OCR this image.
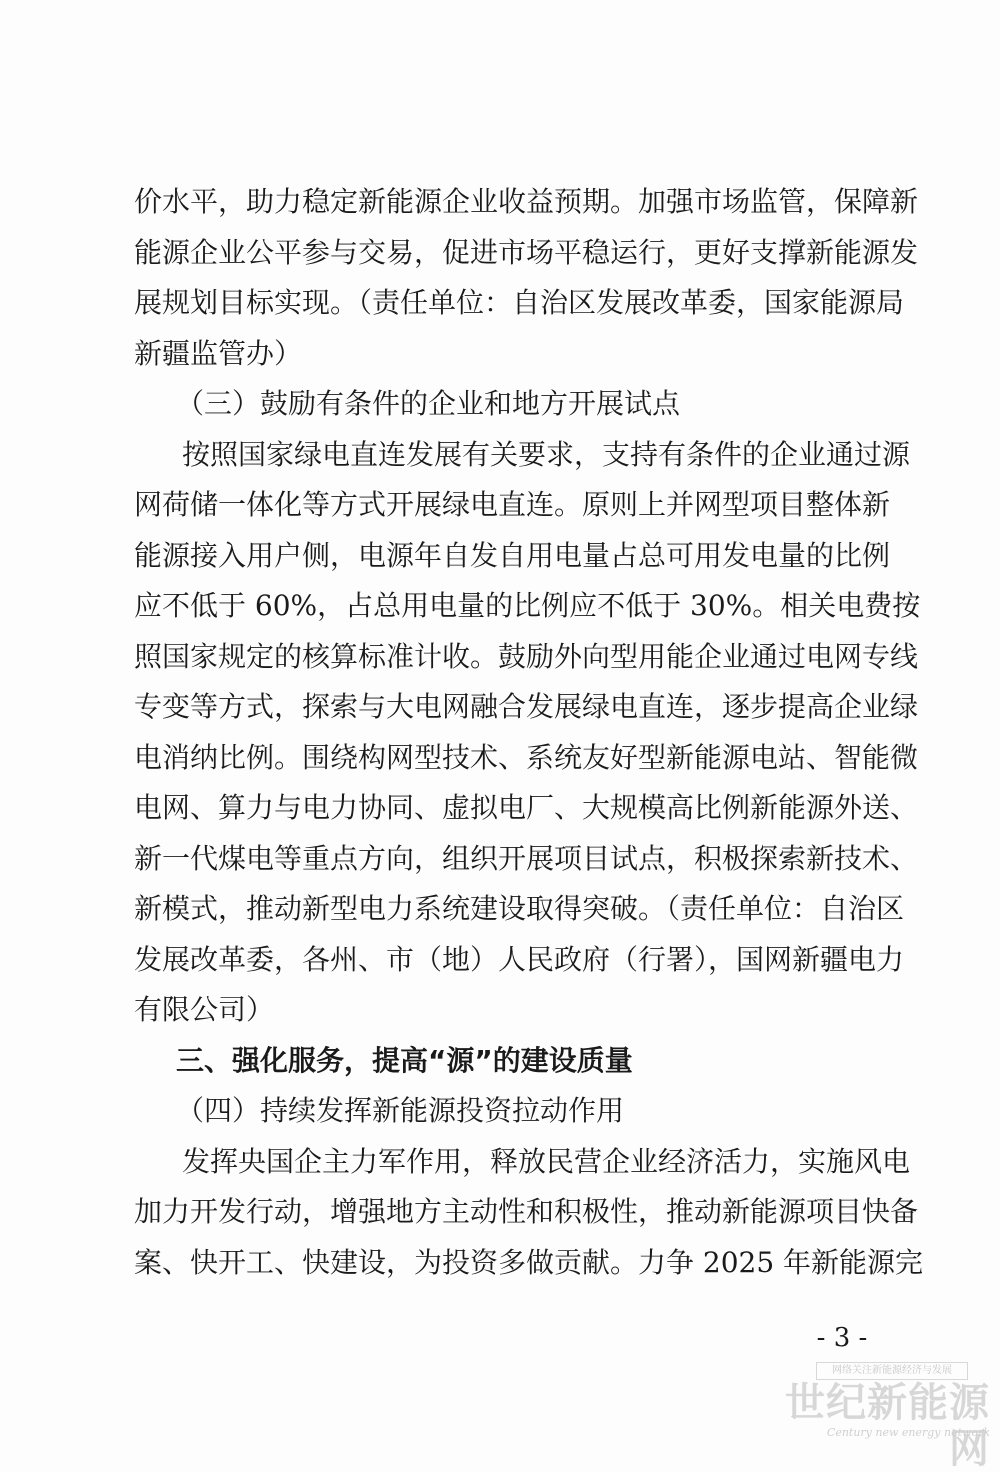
价水平，助力稳定新能源企业收益预期。加强市场监管，保障新
能源企业公平参与交易，促进市场平稳运行，更好支撑新能源发
展规划目标实现。（责任单位：自治区发展改革委，国家能源局
新疆监管办）
（三）鼓励有条件的企业和地方开展试点
按照国家绿电直连发展有关要求，支持有条件的企业通过源
网荷储一体化等方式开展绿电直连。原则上并网型项目整体新
能源接入用户侧，电源年自发自用电量占总可用发电量的比例
应不低于 60%，占总用电量的比例应不低于 30%。相关电费按
照国家规定的核算标准计收。鼓励外向型用能企业通过电网专线
专变等方式，探索与大电网融合发展绿电直连，逐步提高企业绿
电消纳比例。围绕构网型技术、系统友好型新能源电站、智能微
电网、算力与电力协同、虚拟电厂、大规模高比例新能源外送、
新一代煤电等重点方向，组织开展项目试点，积极探索新技术、
新模式，推动新型电力系统建设取得突破。（责任单位：自治区
发展改革委，各州、市（地）人民政府（行署），国网新疆电力
有限公司）
三、强化服务，提高“源”的建设质量
（四）持续发挥新能源投资拉动作用
发挥央国企主力军作用，释放民营企业经济活力，实施风电
加力开发行动，增强地方主动性和积极性，推动新能源项目快备
案、快开工、快建设，为投资多做贡献。力争 2025 年新能源完
- 3 -
网络关注新能源经济与发展
世纪新能源网
Century new energy network
